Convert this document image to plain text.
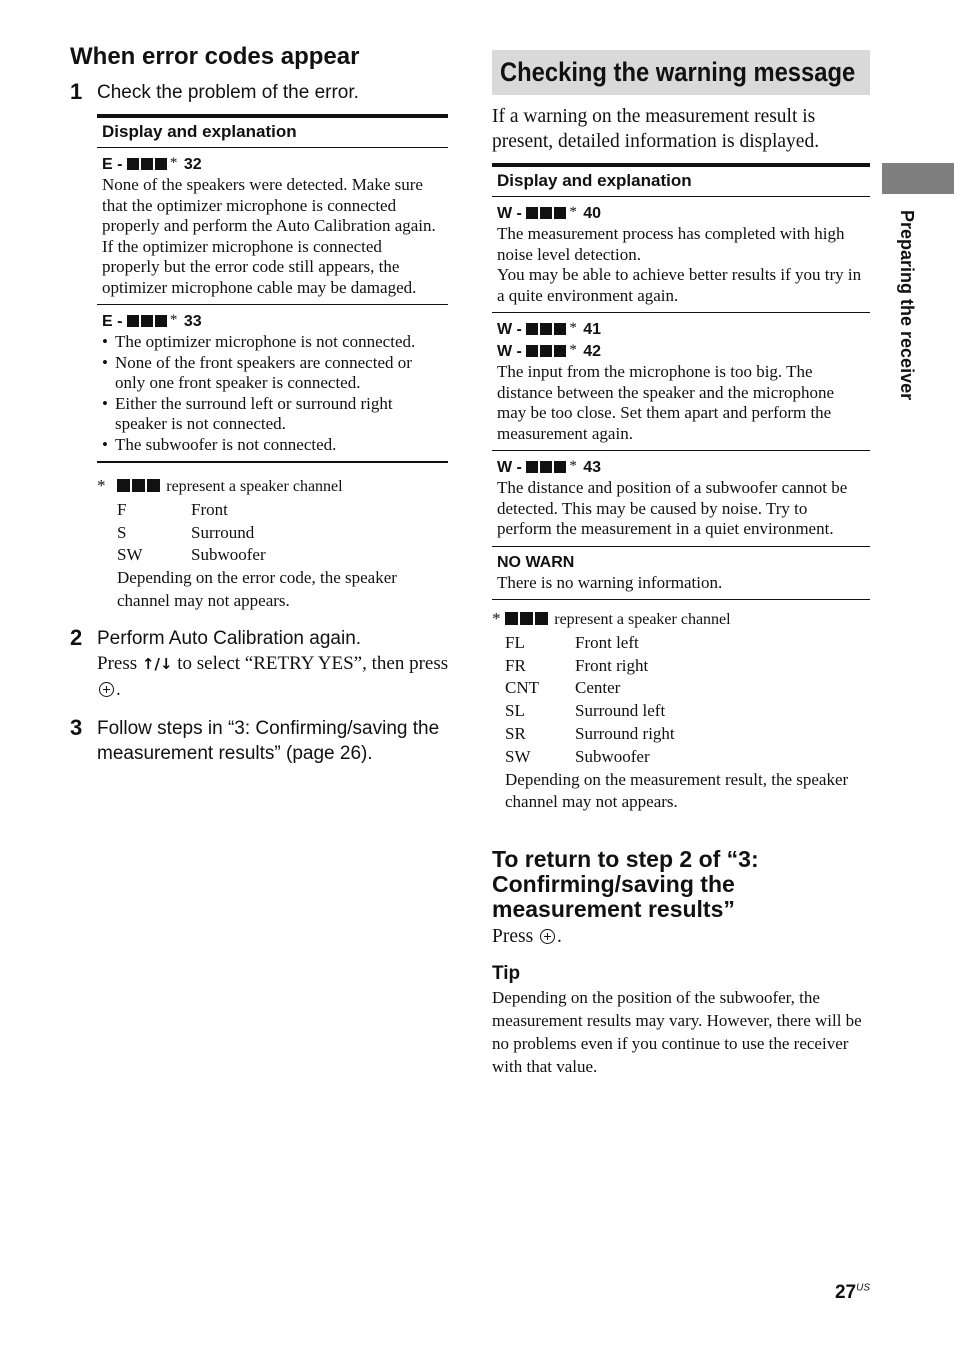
When error codes appear
1 Check the problem of the error.
Display and explanation

E -	* 32
None of the speakers were detected. Make sure that the optimizer microphone is connected properly and perform the Auto Calibration again.
If the optimizer microphone is connected properly but the error code still appears, the optimizer microphone cable may be damaged.

E -	* 33
• The optimizer microphone is not connected.
• None of the front speakers are connected or only one front speaker is connected.
• Either the surround left or surround right speaker is not connected.
• The subwoofer is not connected.
*	represent a speaker channel
F	Front
S	Surround
SW	Subwoofer
Depending on the error code, the speaker channel may not appears.
2 Perform Auto Calibration again.
Press ↑/↓ to select “RETRY YES”, then press .
3 Follow steps in “3: Confirming/saving the measurement results” (page 26).
Checking the warning message
If a warning on the measurement result is present, detailed information is displayed.
Display and explanation

W -	* 40
The measurement process has completed with high noise level detection.
You may be able to achieve better results if you try in a quite environment again.

W -	* 41
W -	* 42
The input from the microphone is too big. The distance between the speaker and the microphone may be too close. Set them apart and perform the measurement again.

W -	* 43
The distance and position of a subwoofer cannot be detected. This may be caused by noise. Try to perform the measurement in a quiet environment.

NO WARN
There is no warning information.
*	represent a speaker channel
FL	Front left
FR	Front right
CNT	Center
SL	Surround left
SR	Surround right
SW	Subwoofer
Depending on the measurement result, the speaker channel may not appears.
To return to step 2 of “3: Confirming/saving the measurement results”
Press .
Tip
Depending on the position of the subwoofer, the measurement results may vary. However, there will be no problems even if you continue to use the receiver with that value.
Preparing the receiver
$27^{US}$
